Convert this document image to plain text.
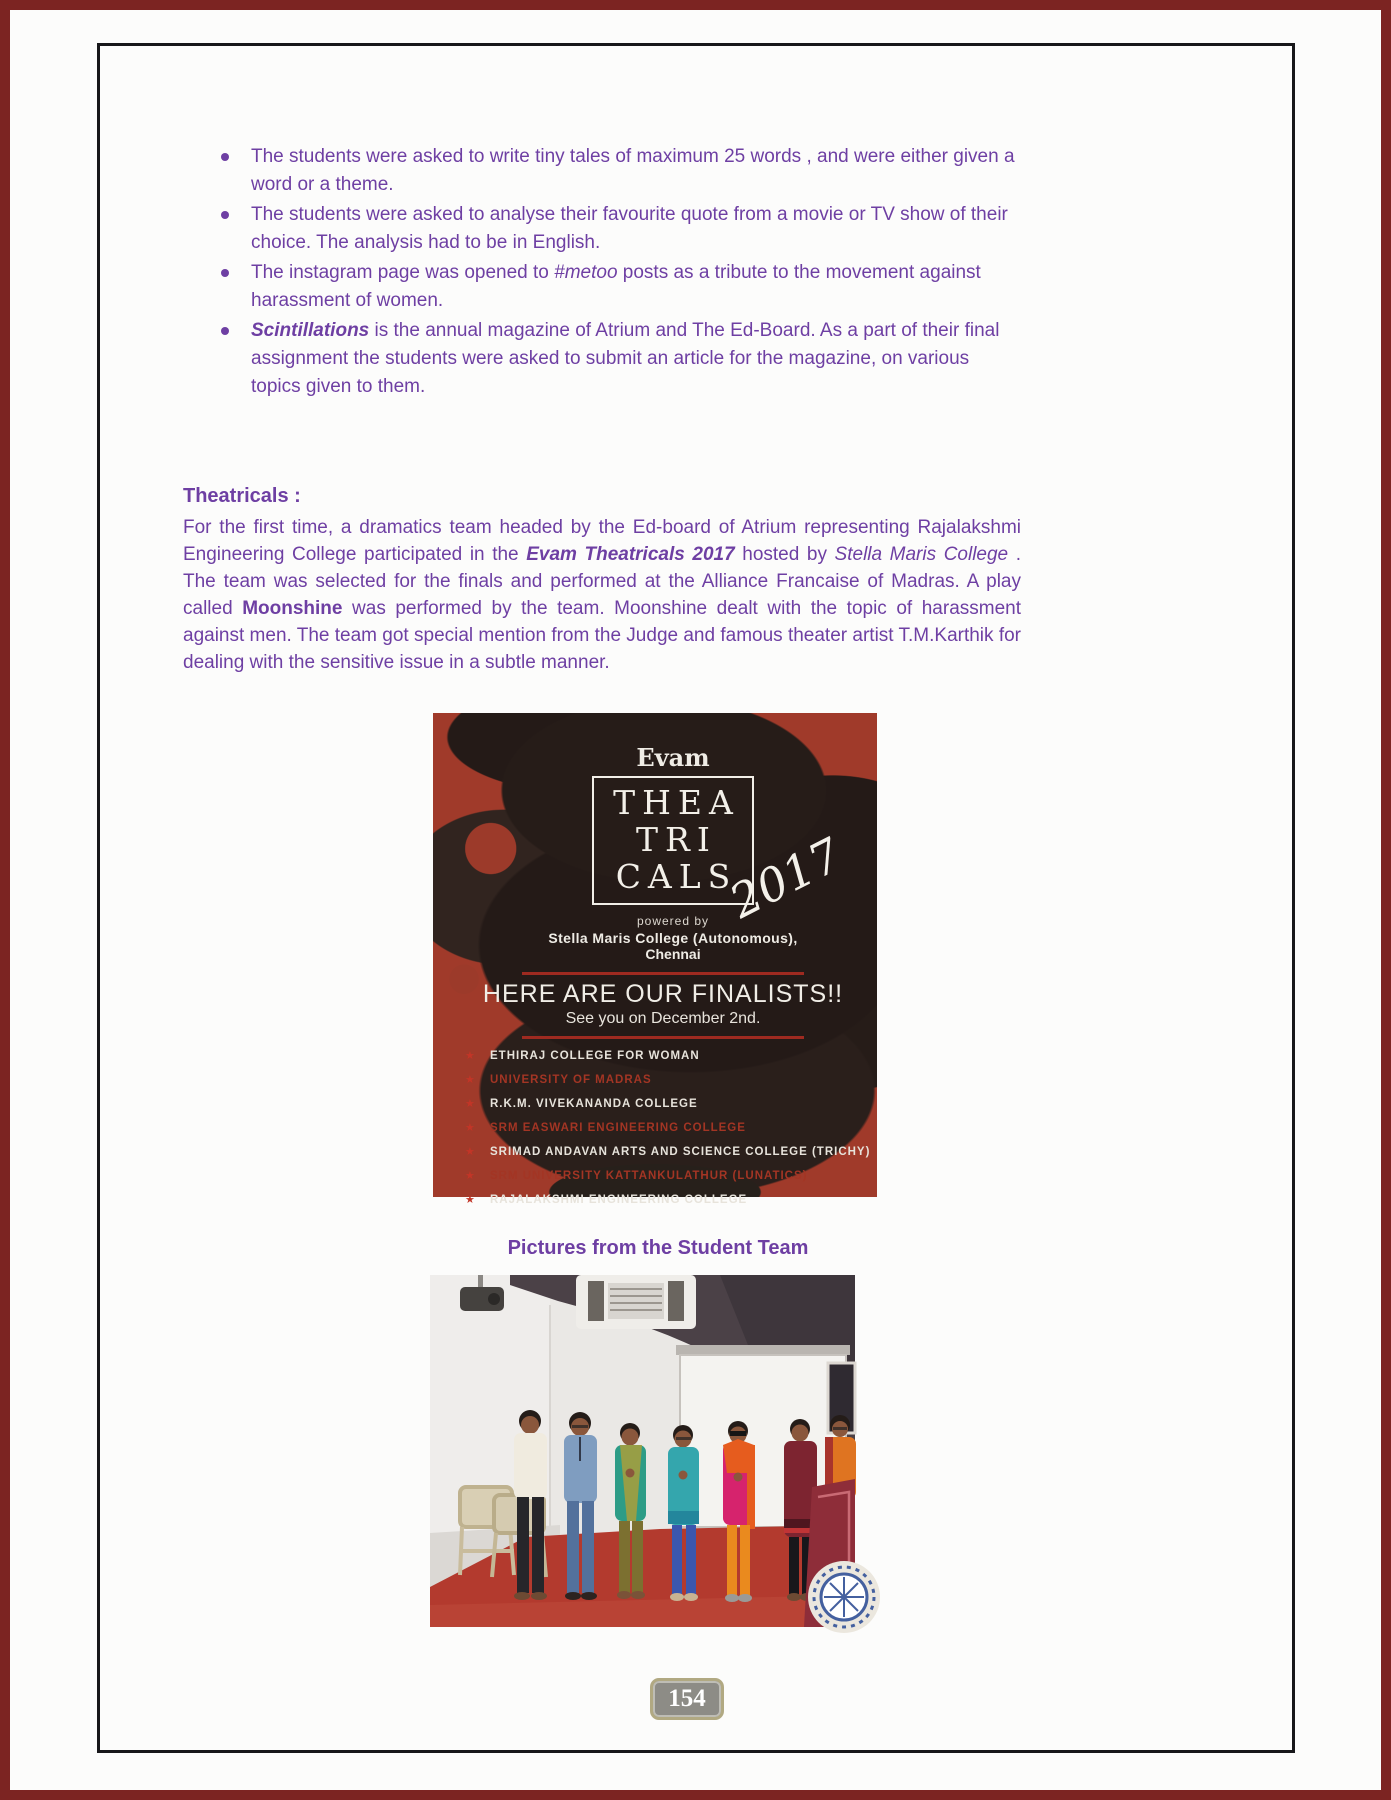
The students were asked to write tiny tales of maximum 25 words , and were either given a word or a theme.
The students were asked to analyse their favourite quote from a movie or TV show of their choice. The analysis had to be in English.
The instagram page was opened to #metoo posts as a tribute to the movement against harassment of women.
Scintillations is the annual magazine of Atrium and The Ed-Board. As a part of their final assignment the students were asked to submit an article for the magazine, on various topics given to them.
Theatricals :
For the first time, a dramatics team headed by the Ed-board of Atrium representing Rajalakshmi Engineering College participated in the Evam Theatricals 2017 hosted by Stella Maris College . The team was selected for the finals and performed at the Alliance Francaise of Madras. A play called Moonshine was performed by the team. Moonshine dealt with the topic of harassment against men. The team got special mention from the Judge and famous theater artist T.M.Karthik for dealing with the sensitive issue in a subtle manner.
Evam
THEA
TRI
CALS
2017
powered by
Stella Maris College (Autonomous),
Chennai
HERE ARE OUR FINALISTS!!
See you on December 2nd.
★	ETHIRAJ COLLEGE FOR WOMAN
★	UNIVERSITY OF MADRAS
★	R.K.M. VIVEKANANDA COLLEGE
★	SRM EASWARI ENGINEERING COLLEGE
★	SRIMAD ANDAVAN ARTS AND SCIENCE COLLEGE (TRICHY)
★	SRM UNIVERSITY KATTANKULATHUR (LUNATICS)
★	RAJALAKSHMI ENGINEERING COLLEGE
Pictures from the Student Team
154
